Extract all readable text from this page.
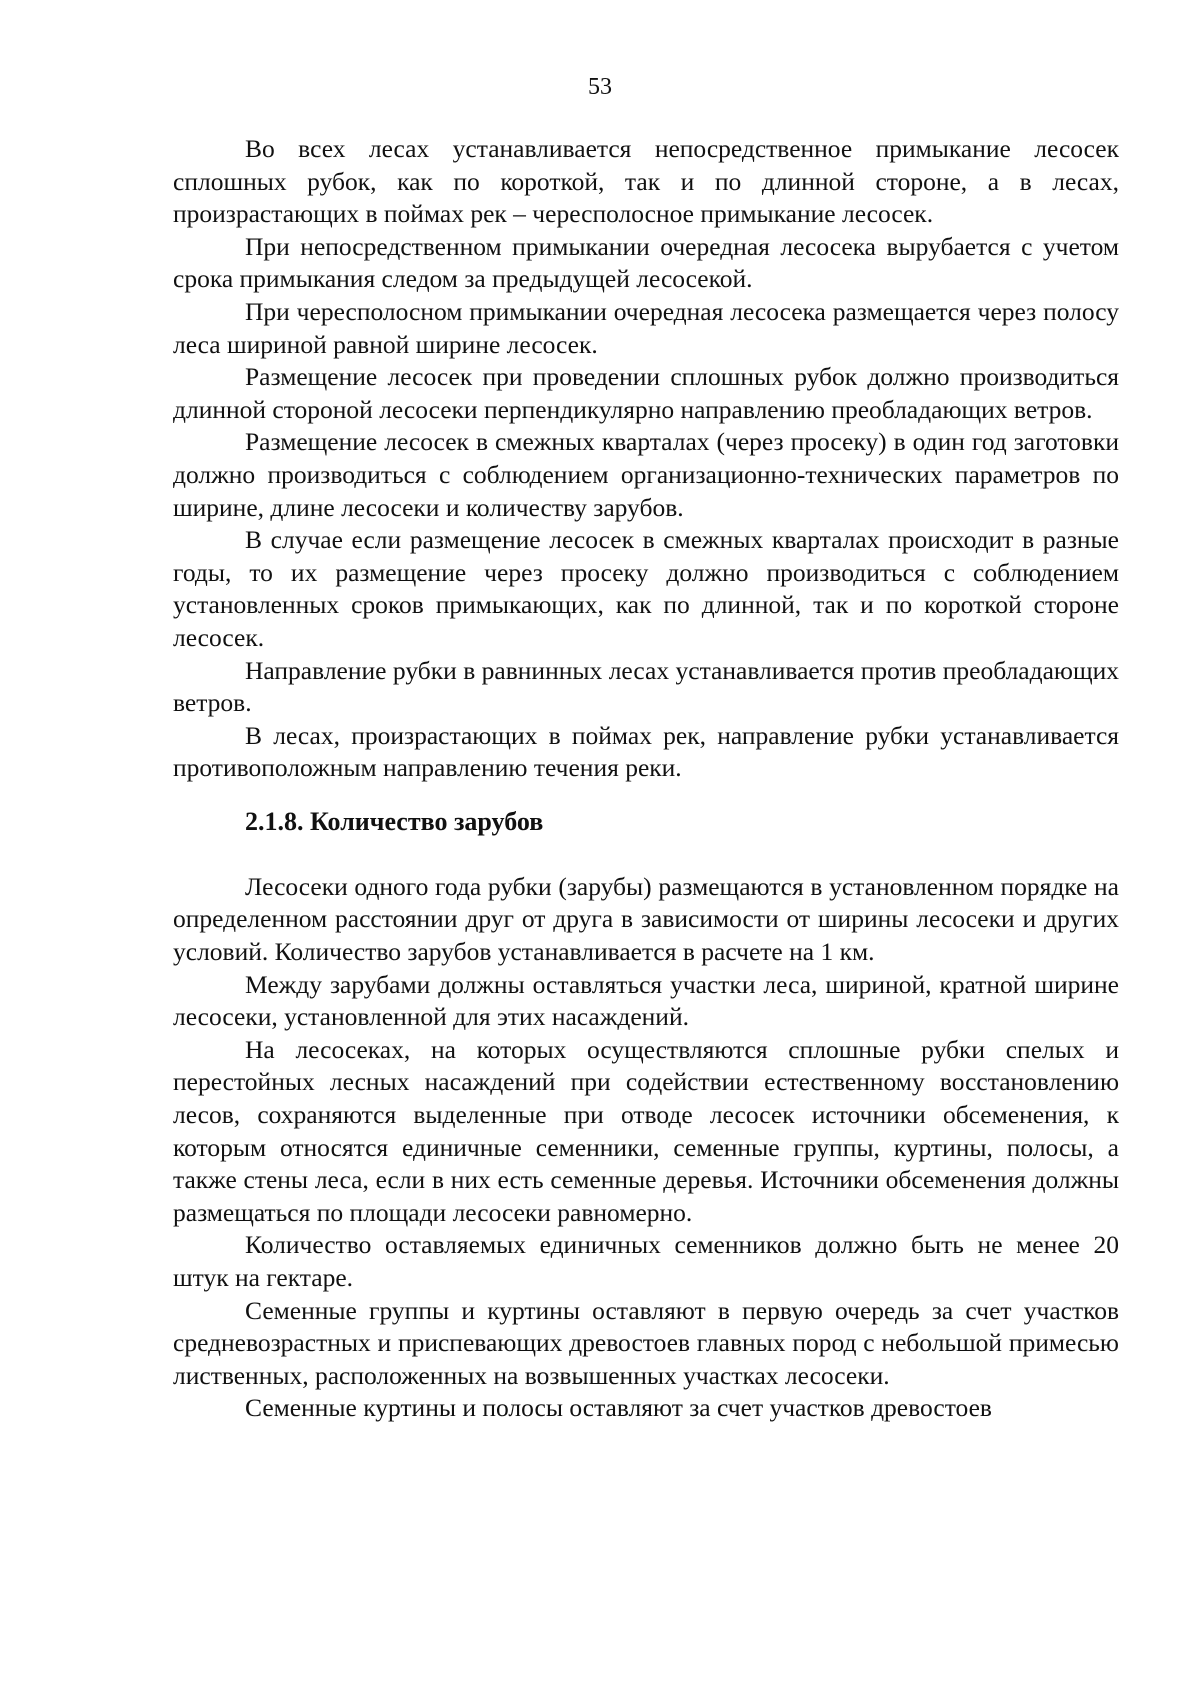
53

Во всех лесах устанавливается непосредственное примыкание лесосек сплошных рубок, как по короткой, так и по длинной стороне, а в лесах, произрастающих в поймах рек – чересполосное примыкание лесосек.

При непосредственном примыкании очередная лесосека вырубается с учетом срока примыкания следом за предыдущей лесосекой.

При чересполосном примыкании очередная лесосека размещается через полосу леса шириной равной ширине лесосек.

Размещение лесосек при проведении сплошных рубок должно производиться длинной стороной лесосеки перпендикулярно направлению преобладающих ветров.

Размещение лесосек в смежных кварталах (через просеку) в один год заготовки должно производиться с соблюдением организационно-технических параметров по ширине, длине лесосеки и количеству зарубов.

В случае если размещение лесосек в смежных кварталах происходит в разные годы, то их размещение через просеку должно производиться с соблюдением установленных сроков примыкающих, как по длинной, так и по короткой стороне лесосек.

Направление рубки в равнинных лесах устанавливается против преобладающих ветров.

В лесах, произрастающих в поймах рек, направление рубки устанавливается противоположным направлению течения реки.

2.1.8. Количество зарубов

Лесосеки одного года рубки (зарубы) размещаются в установленном порядке на определенном расстоянии друг от друга в зависимости от ширины лесосеки и других условий. Количество зарубов устанавливается в расчете на 1 км.

Между зарубами должны оставляться участки леса, шириной, кратной ширине лесосеки, установленной для этих насаждений.

На лесосеках, на которых осуществляются сплошные рубки спелых и перестойных лесных насаждений при содействии естественному восстановлению лесов, сохраняются выделенные при отводе лесосек источники обсеменения, к которым относятся единичные семенники, семенные группы, куртины, полосы, а также стены леса, если в них есть семенные деревья. Источники обсеменения должны размещаться по площади лесосеки равномерно.

Количество оставляемых единичных семенников должно быть не менее 20 штук на гектаре.

Семенные группы и куртины оставляют в первую очередь за счет участков средневозрастных и приспевающих древостоев главных пород с небольшой примесью лиственных, расположенных на возвышенных участках лесосеки.

Семенные куртины и полосы оставляют за счет участков древостоев
